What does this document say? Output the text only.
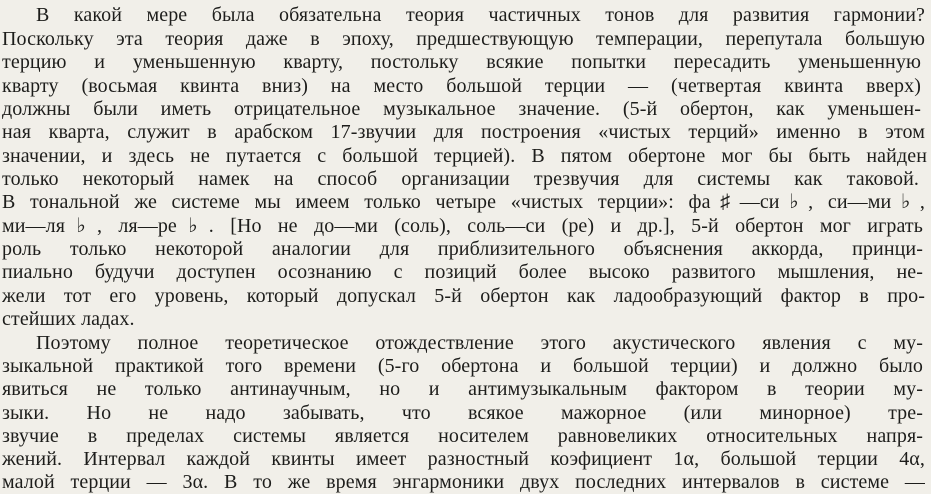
В какой мере была обязательна теория частичных тонов для развития гармонии?
Поскольку эта теория даже в эпоху, предшествующую темперации, перепутала большую
терцию и уменьшенную кварту, постольку всякие попытки пересадить уменьшенную
кварту (восьмая квинта вниз) на место большой терции — (четвертая квинта вверх)
должны были иметь отрицательное музыкальное значение. (5-й обертон, как уменьшен-
ная кварта, служит в арабском 17-звучии для построения «чистых терций» именно в этом
значении, и здесь не путается с большой терцией). В пятом обертоне мог бы быть найден
только некоторый намек на способ организации трезвучия для системы как таковой.
В тональной же системе мы имеем только четыре «чистых терции»: фа♯—си♭, си—ми♭,
ми—ля♭, ля—ре♭. [Но не до—ми (соль), соль—си (ре) и др.], 5-й обертон мог играть
роль только некоторой аналогии для приблизительного объяснения аккорда, принци-
пиально будучи доступен осознанию с позиций более высоко развитого мышления, не-
жели тот его уровень, который допускал 5-й обертон как ладообразующий фактор в про-
стейших ладах.
Поэтому полное теоретическое отождествление этого акустического явления с му-
зыкальной практикой того времени (5-го обертона и большой терции) и должно было
явиться не только антинаучным, но и антимузыкальным фактором в теории му-
зыки. Но не надо забывать, что всякое мажорное (или минорное) тре-
звучие в пределах системы является носителем равновеликих относительных напря-
жений. Интервал каждой квинты имеет разностный коэфициент 1α, большой терции 4α,
малой терции — 3α. В то же время энгармоники двух последних интервалов в системе —
